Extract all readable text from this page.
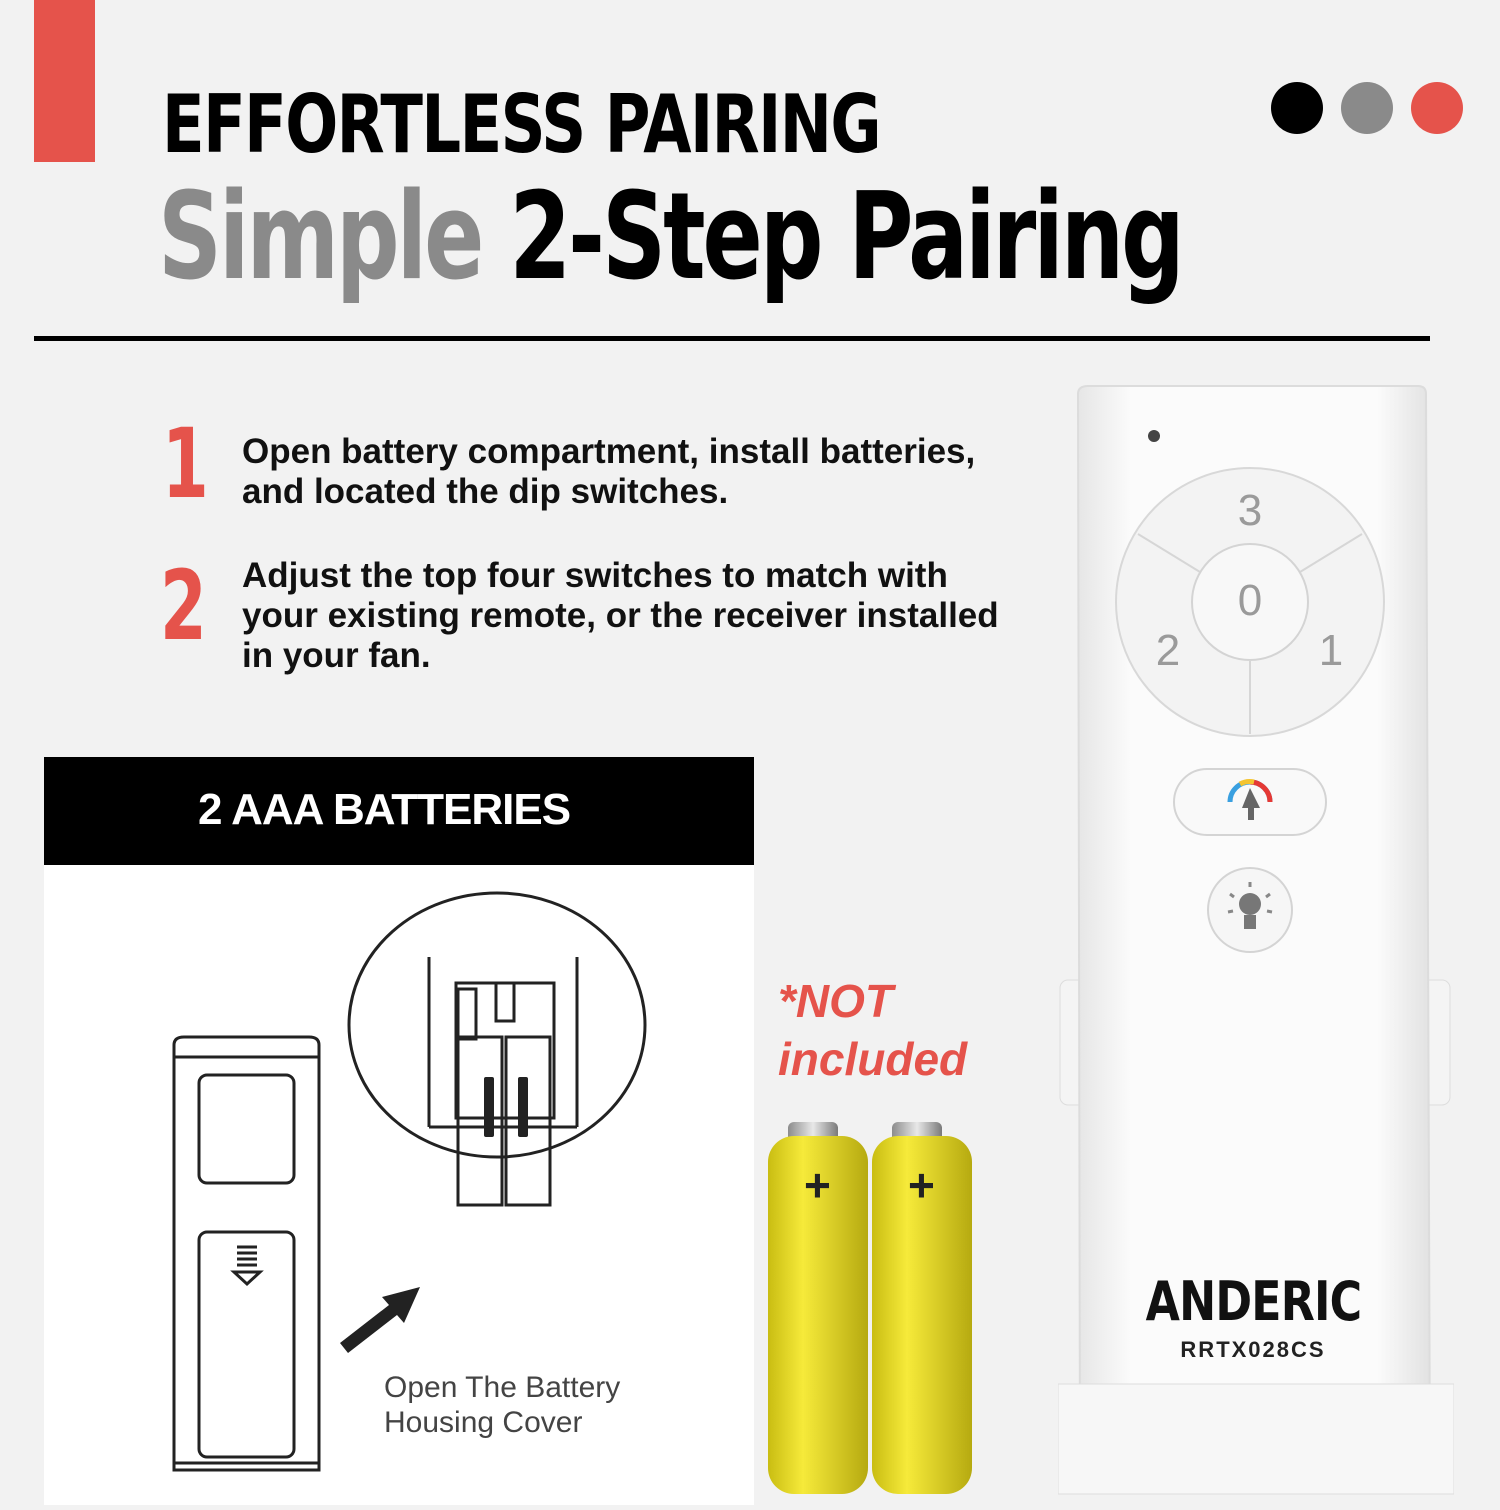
EFFORTLESS PAIRING
Simple 2-Step Pairing
1 Open battery compartment, install batteries, and located the dip switches.
2 Adjust the top four switches to match with your existing remote, or the receiver installed in your fan.
2 AAA BATTERIES
Open The Battery
Housing Cover
*NOT
included
+ +
3
0
2	1
ANDERIC
RRTX028CS
